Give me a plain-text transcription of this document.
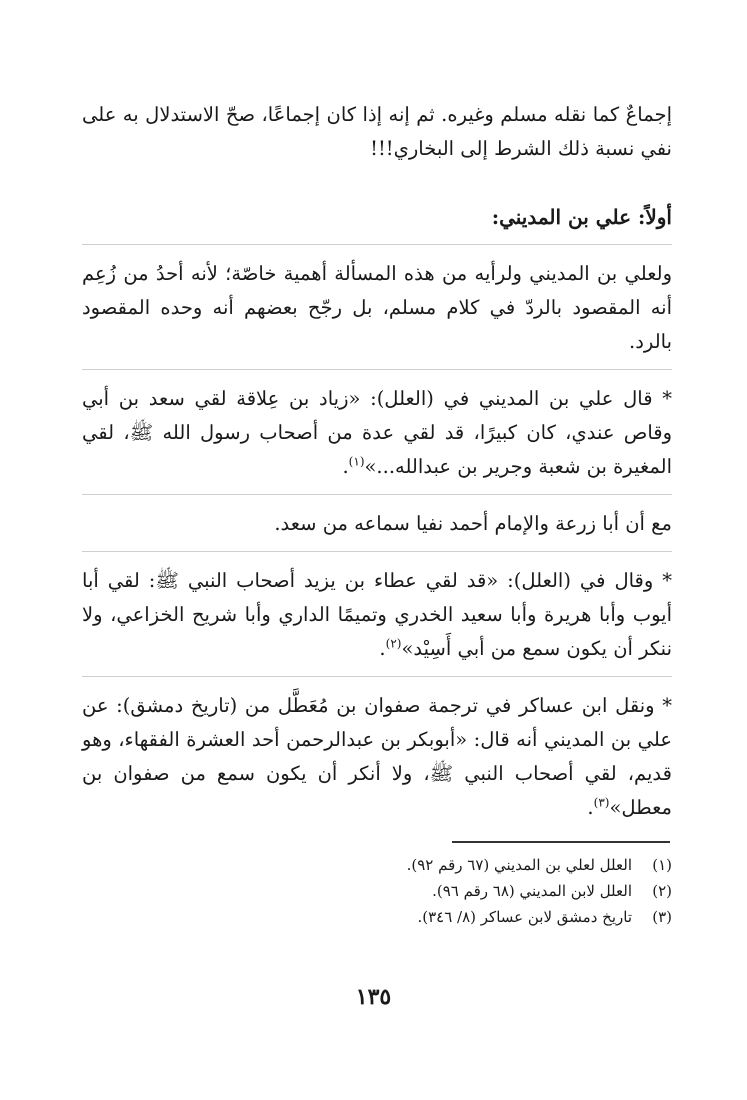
إجماعٌ كما نقله مسلم وغيره. ثم إنه إذا كان إجماعًا، صحّ الاستدلال به على نفي نسبة ذلك الشرط إلى البخاري!!!

أولاً: علي بن المديني:

ولعلي بن المديني ولرأيه من هذه المسألة أهمية خاصّة؛ لأنه أحدُ من زُعِم أنه المقصود بالردّ في كلام مسلم، بل رجّح بعضهم أنه وحده المقصود بالرد.

* قال علي بن المديني في (العلل): «زياد بن عِلاقة لقي سعد بن أبي وقاص عندي، كان كبيرًا، قد لقي عدة من أصحاب رسول الله ﷺ، لقي المغيرة بن شعبة وجرير بن عبدالله...»$^{(١)}$.

مع أن أبا زرعة والإمام أحمد نفيا سماعه من سعد.

* وقال في (العلل): «قد لقي عطاء بن يزيد أصحاب النبي ﷺ: لقي أبا أيوب وأبا هريرة وأبا سعيد الخدري وتميمًا الداري وأبا شريح الخزاعي، ولا ننكر أن يكون سمع من أبي أَسِيْد»$^{(٢)}$.

* ونقل ابن عساكر في ترجمة صفوان بن مُعَطَّل من (تاريخ دمشق): عن علي بن المديني أنه قال: «أبوبكر بن عبدالرحمن أحد العشرة الفقهاء، وهو قديم، لقي أصحاب النبي ﷺ، ولا أنكر أن يكون سمع من صفوان بن معطل»$^{(٣)}$.

(١)
العلل لعلي بن المديني (٦٧ رقم ٩٢).
(٢)
العلل لابن المديني (٦٨ رقم ٩٦).
(٣)
تاريخ دمشق لابن عساكر (٨/ ٣٤٦).
١٣٥
